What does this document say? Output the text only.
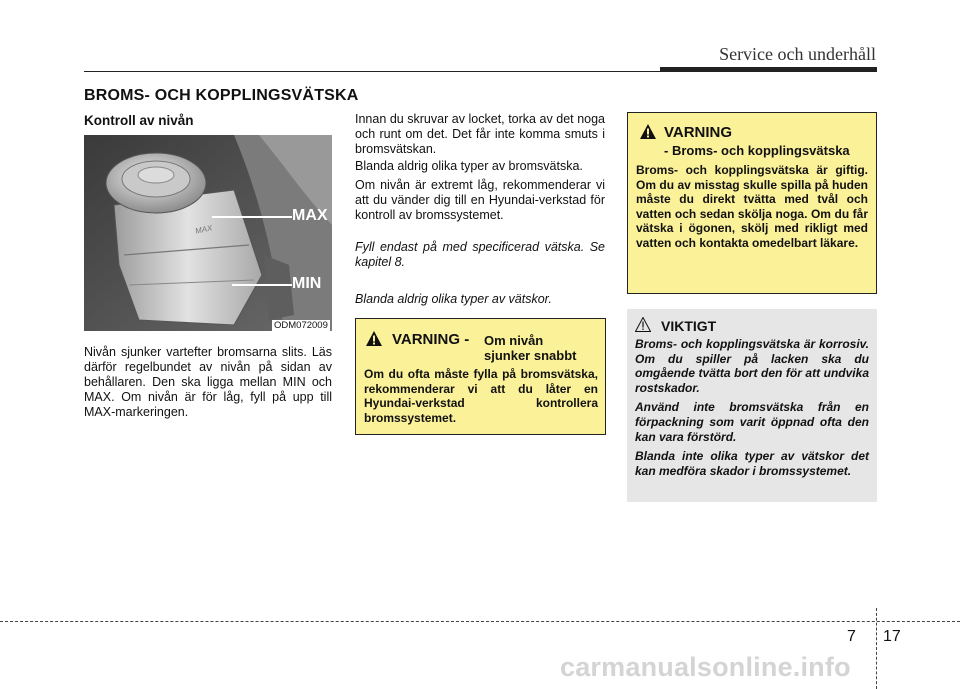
Service och underhåll
BROMS- OCH KOPPLINGSVÄTSKA
Kontroll av nivån
MAX
MAX
MIN
ODM072009

Nivån sjunker vartefter bromsarna slits. Läs därför regelbundet av nivån på sidan av behållaren. Den ska ligga mellan MIN och MAX. Om nivån är för låg, fyll på upp till MAX-markeringen.

Innan du skruvar av locket, torka av det noga och runt om det. Det får inte komma smuts i bromsvätskan.

Blanda aldrig olika typer av bromsvätska.

Om nivån är extremt låg, rekommenderar vi att du vänder dig till en Hyundai-verkstad för kontroll av bromssystemet.

Fyll endast på med specificerad vätska. Se kapitel 8.

Blanda aldrig olika typer av vätskor.

VARNING - Om nivån
sjunker snabbt

Om du ofta måste fylla på bromsvätska, rekommenderar vi att du låter en Hyundai-verkstad kontrollera bromssystemet.

VARNING
- Broms- och kopplingsvätska

Broms- och kopplingsvätska är giftig. Om du av misstag skulle spilla på huden måste du direkt tvätta med tvål och vatten och sedan skölja noga. Om du får vätska i ögonen, skölj med rikligt med vatten och kontakta omedelbart läkare.

VIKTIGT

Broms- och kopplingsvätska är korrosiv. Om du spiller på lacken ska du omgående tvätta bort den för att undvika rostskador.

Använd inte bromsvätska från en förpackning som varit öppnad ofta den kan vara förstörd.

Blanda inte olika typer av vätskor det kan medföra skador i bromssystemet.

7 17
carmanualsonline.info
